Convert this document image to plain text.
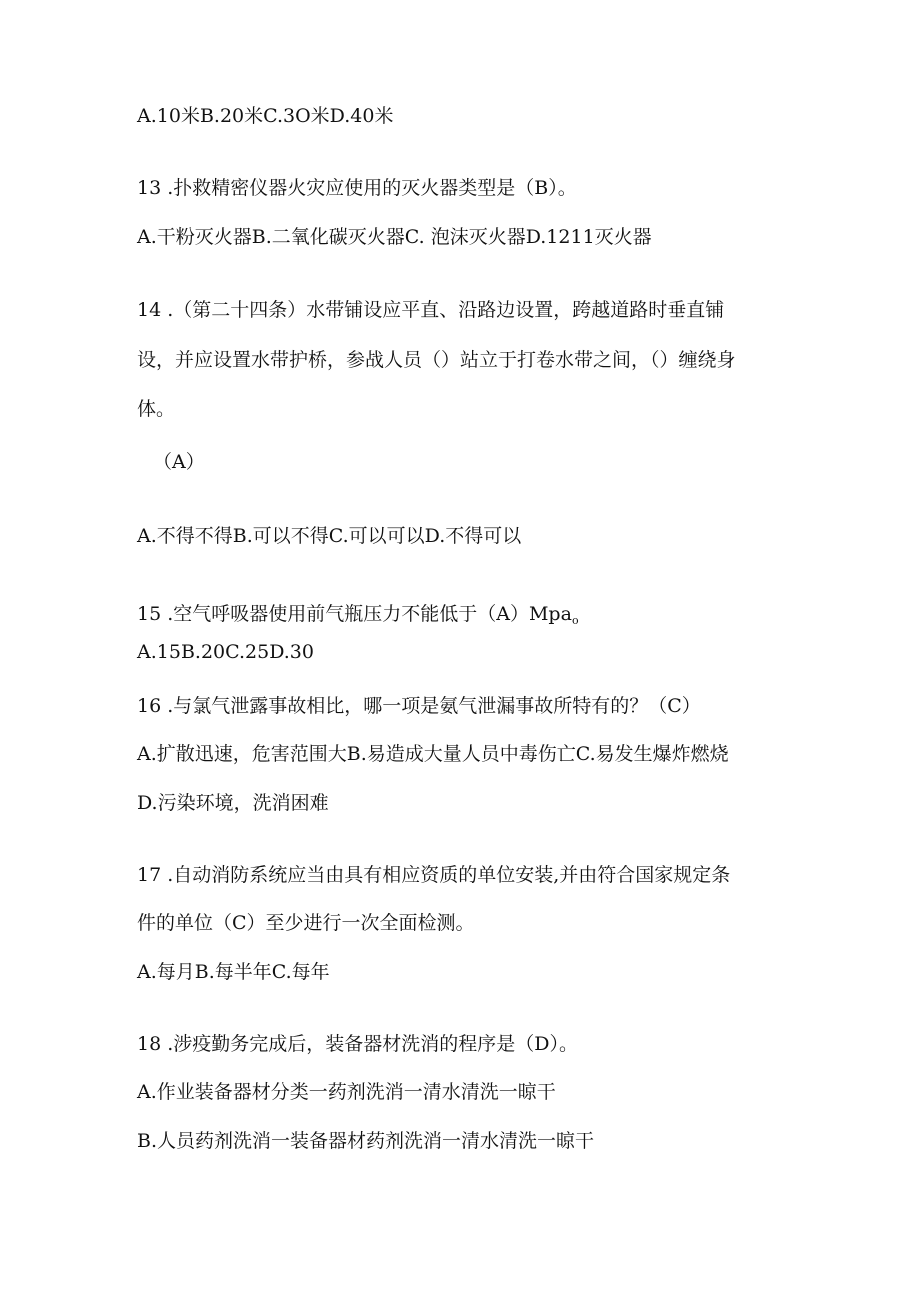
A.10米B.20米C.3O米D.40米
13 .扑救精密仪器火灾应使用的灭火器类型是（B）。
A.干粉灭火器B.二氧化碳灭火器C. 泡沫灭火器D.1211灭火器
14 .（第二十四条）水带铺设应平直、沿路边设置，跨越道路时垂直铺
设，并应设置水带护桥，参战人员（）站立于打卷水带之间，（）缠绕身
体。
（A）
A.不得不得B.可以不得C.可以可以D.不得可以
15 .空气呼吸器使用前气瓶压力不能低于（A）Mpa$_o$
A.15B.20C.25D.30
16 .与氯气泄露事故相比，哪一项是氨气泄漏事故所特有的？（C）
A.扩散迅速，危害范围大B.易造成大量人员中毒伤亡C.易发生爆炸燃烧
D.污染环境，洗消困难
17 .自动消防系统应当由具有相应资质的单位安装,并由符合国家规定条
件的单位（C）至少进行一次全面检测。
A.每月B.每半年C.每年
18 .涉疫勤务完成后，装备器材洗消的程序是（D）。
A.作业装备器材分类一药剂洗消一清水清洗一晾干
B.人员药剂洗消一装备器材药剂洗消一清水清洗一晾干
